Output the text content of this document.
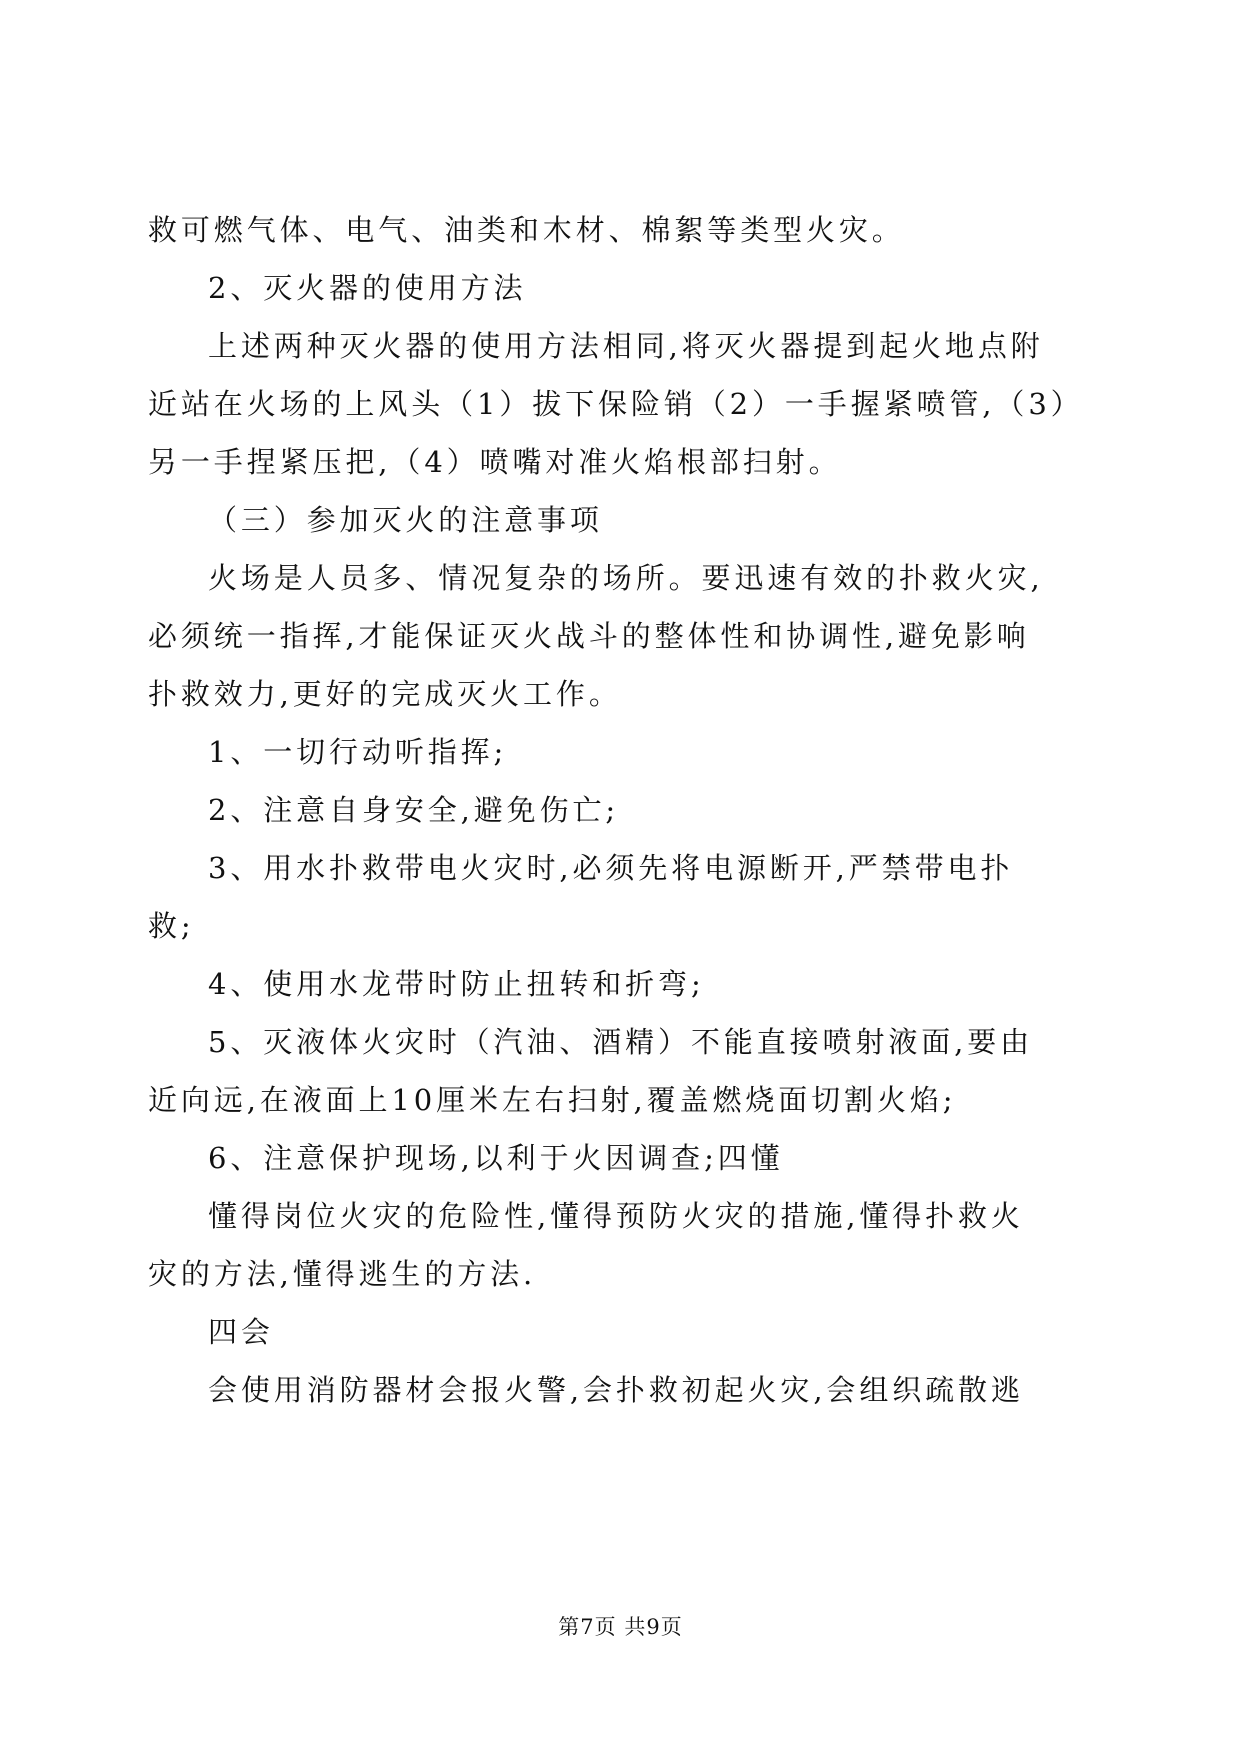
救可燃气体、电气、油类和木材、棉絮等类型火灾。
2、灭火器的使用方法
上述两种灭火器的使用方法相同,将灭火器提到起火地点附
近站在火场的上风头（1）拔下保险销（2）一手握紧喷管,（3）
另一手捏紧压把,（4）喷嘴对准火焰根部扫射。
（三）参加灭火的注意事项
火场是人员多、情况复杂的场所。要迅速有效的扑救火灾,
必须统一指挥,才能保证灭火战斗的整体性和协调性,避免影响
扑救效力,更好的完成灭火工作。
1、一切行动听指挥;
2、注意自身安全,避免伤亡;
3、用水扑救带电火灾时,必须先将电源断开,严禁带电扑
救;
4、使用水龙带时防止扭转和折弯;
5、灭液体火灾时（汽油、酒精）不能直接喷射液面,要由
近向远,在液面上10厘米左右扫射,覆盖燃烧面切割火焰;
6、注意保护现场,以利于火因调查;四懂
懂得岗位火灾的危险性,懂得预防火灾的措施,懂得扑救火
灾的方法,懂得逃生的方法.
四会
会使用消防器材会报火警,会扑救初起火灾,会组织疏散逃
第7页 共9页
